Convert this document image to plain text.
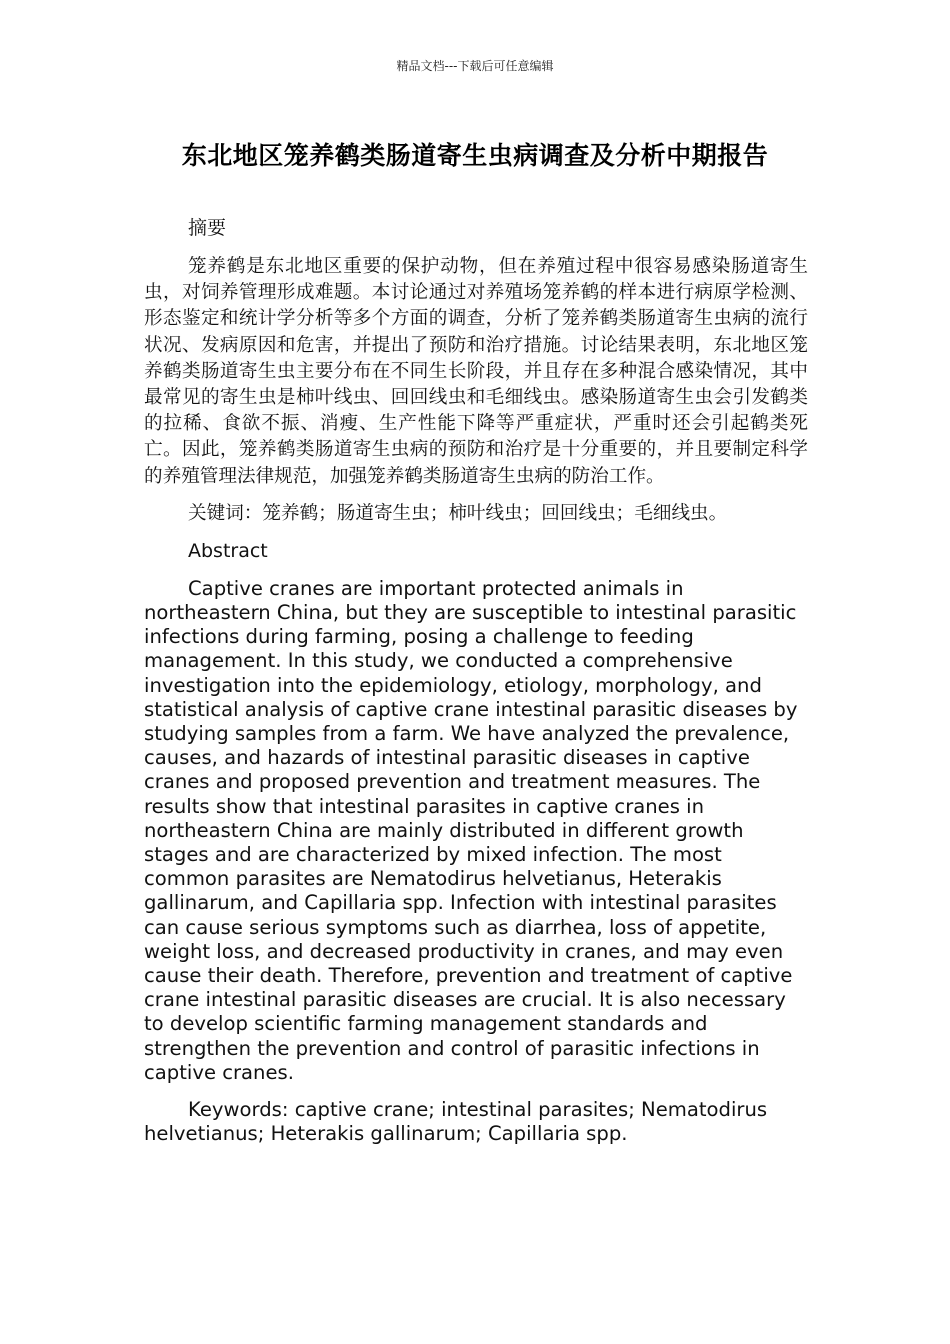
精品文档---下载后可任意编辑
东北地区笼养鹤类肠道寄生虫病调查及分析中期报告
摘要

笼养鹤是东北地区重要的保护动物，但在养殖过程中很容易感染肠道寄生虫，对饲养管理形成难题。本讨论通过对养殖场笼养鹤的样本进行病原学检测、形态鉴定和统计学分析等多个方面的调查，分析了笼养鹤类肠道寄生虫病的流行状况、发病原因和危害，并提出了预防和治疗措施。讨论结果表明，东北地区笼养鹤类肠道寄生虫主要分布在不同生长阶段，并且存在多种混合感染情况，其中最常见的寄生虫是柿叶线虫、回回线虫和毛细线虫。感染肠道寄生虫会引发鹤类的拉稀、食欲不振、消瘦、生产性能下降等严重症状，严重时还会引起鹤类死亡。因此，笼养鹤类肠道寄生虫病的预防和治疗是十分重要的，并且要制定科学的养殖管理法律规范，加强笼养鹤类肠道寄生虫病的防治工作。

关键词：笼养鹤；肠道寄生虫；柿叶线虫；回回线虫；毛细线虫。

Abstract

Captive cranes are important protected animals in northeastern China, but they are susceptible to intestinal parasitic infections during farming, posing a challenge to feeding management. In this study, we conducted a comprehensive investigation into the epidemiology, etiology, morphology, and statistical analysis of captive crane intestinal parasitic diseases by studying samples from a farm. We have analyzed the prevalence, causes, and hazards of intestinal parasitic diseases in captive cranes and proposed prevention and treatment measures. The results show that intestinal parasites in captive cranes in northeastern China are mainly distributed in different growth stages and are characterized by mixed infection. The most common parasites are Nematodirus helvetianus, Heterakis gallinarum, and Capillaria spp. Infection with intestinal parasites can cause serious symptoms such as diarrhea, loss of appetite, weight loss, and decreased productivity in cranes, and may even cause their death. Therefore, prevention and treatment of captive crane intestinal parasitic diseases are crucial. It is also necessary to develop scientific farming management standards and strengthen the prevention and control of parasitic infections in captive cranes.

Keywords: captive crane; intestinal parasites; Nematodirus helvetianus; Heterakis gallinarum; Capillaria spp.
